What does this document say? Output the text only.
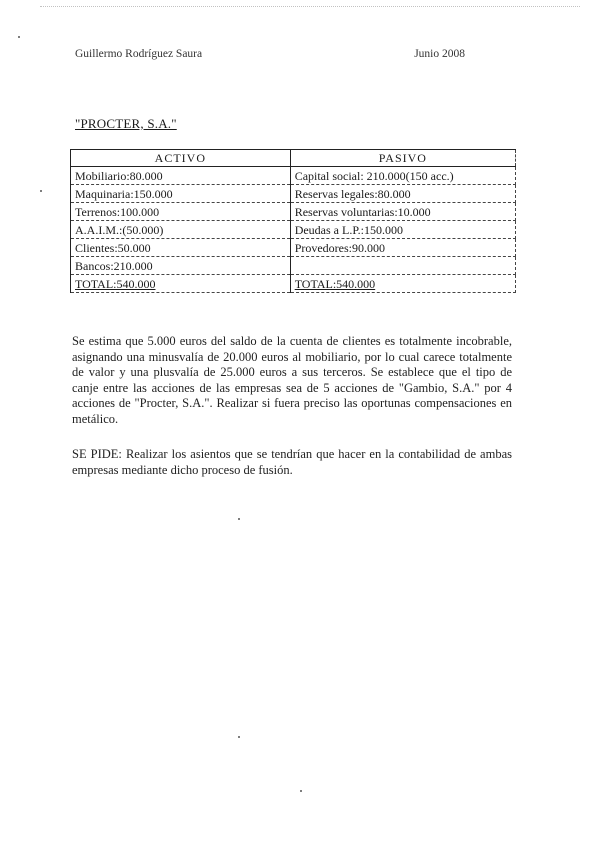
Guillermo Rodríguez Saura	Junio 2008
"PROCTER, S.A."
ACTIVO	PASIVO
Mobiliario:80.000	Capital social: 210.000(150 acc.)
Maquinaria:150.000	Reservas legales:80.000
Terrenos:100.000	Reservas voluntarias:10.000
A.A.I.M.:(50.000)	Deudas a L.P.:150.000
Clientes:50.000	Provedores:90.000
Bancos:210.000	
TOTAL:540.000	TOTAL:540.000
Se estima que 5.000 euros del saldo de la cuenta de clientes es totalmente incobrable, asignando una minusvalía de 20.000 euros al mobiliario, por lo cual carece totalmente de valor y una plusvalía de 25.000 euros a sus terceros. Se establece que el tipo de canje entre las acciones de las empresas sea de 5 acciones de "Gambio, S.A." por 4 acciones de "Procter, S.A.". Realizar si fuera preciso las oportunas compensaciones en metálico.
SE PIDE: Realizar los asientos que se tendrían que hacer en la contabilidad de ambas empresas mediante dicho proceso de fusión.
